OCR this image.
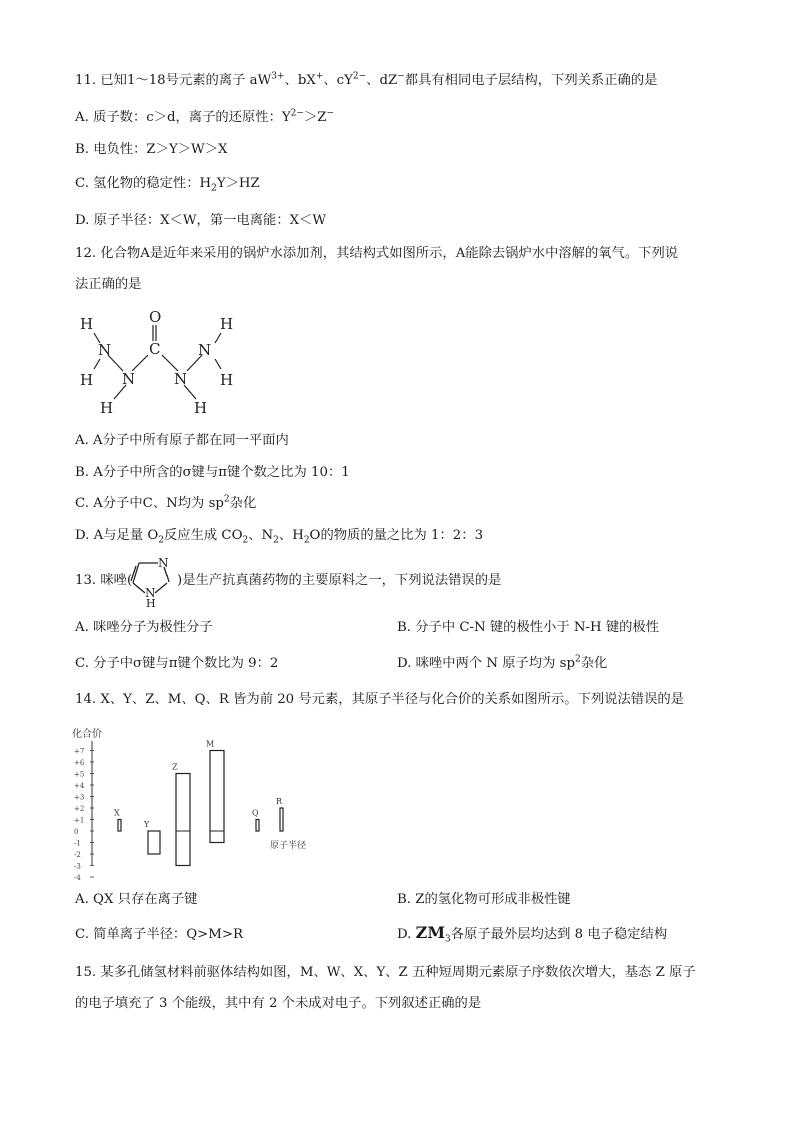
11. 已知1～18号元素的离子 $aW^{3+}$、bX+、$cY^{2-}$、dZ−都具有相同电子层结构，下列关系正确的是
A. 质子数：c＞d，离子的还原性：$Y^{2-}>Z^-$
B. 电负性：Z＞Y＞W＞X
C. 氢化物的稳定性：$H_2Y>HZ$
D. 原子半径：X＜W，第一电离能：X＜W
12. 化合物A是近年来采用的锅炉水添加剂，其结构式如图所示，A能除去锅炉水中溶解的氧气。下列说
法正确的是
O
C
N	N
N	N
H
H
H
H
H	H
A. A分子中所有原子都在同一平面内
B. A分子中所含的σ键与π键个数之比为 10：1
C. A分子中C、N均为 $sp^2$杂化
D. A与足量 $O_2$反应生成 $CO_2$、$N_2$、$H_2O$的物质的量之比为 1：2：3
13. 咪唑(
N
N
H
)是生产抗真菌药物的主要原料之一，下列说法错误的是
A. 咪唑分子为极性分子	B. 分子中 C-N 键的极性小于 N-H 键的极性
C. 分子中σ键与π键个数比为 9：2	D. 咪唑中两个 N 原子均为 $sp^2$杂化
14. X、Y、Z、M、Q、R 皆为前 20 号元素，其原子半径与化合价的关系如图所示。下列说法错误的是
化合价
+7
+6
+5
+4
+3
+2
+1
0
-1
-2
-3
-4
X
Y
Z
M
Q
R
原子半径
A. QX 只存在离子键	B. Z的氢化物可形成非极性键
C. 简单离子半径：Q>M>R	D. $ZM_3$各原子最外层均达到 8 电子稳定结构
15. 某多孔储氢材料前驱体结构如图，M、W、X、Y、Z 五种短周期元素原子序数依次增大，基态 Z 原子
的电子填充了 3 个能级，其中有 2 个未成对电子。下列叙述正确的是
